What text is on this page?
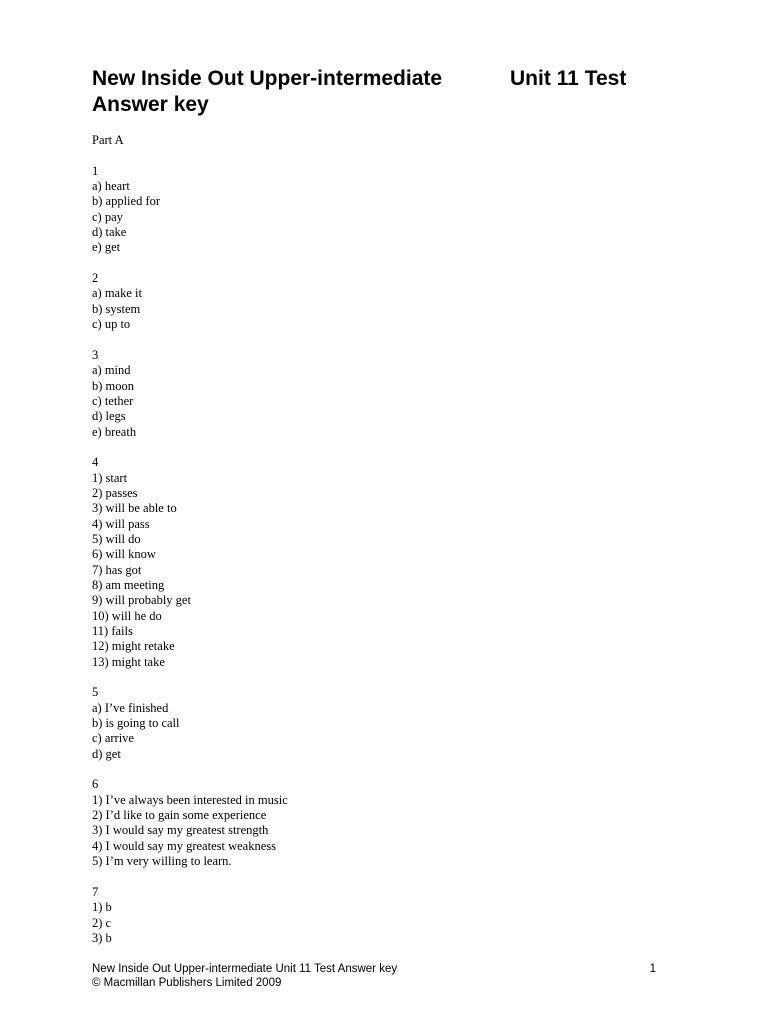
New Inside Out Upper-intermediate	Unit 11 Test
Answer key
Part A
1
a) heart
b) applied for
c) pay
d) take
e) get
2
a) make it
b) system
c) up to
3
a) mind
b) moon
c) tether
d) legs
e) breath
4
1) start
2) passes
3) will be able to
4) will pass
5) will do
6) will know
7) has got
8) am meeting
9) will probably get
10) will he do
11) fails
12) might retake
13) might take
5
a) I’ve finished
b) is going to call
c) arrive
d) get
6
1) I’ve always been interested in music
2) I’d like to gain some experience
3) I would say my greatest strength
4) I would say my greatest weakness
5) I’m very willing to learn.
7
1) b
2) c
3) b
New Inside Out Upper-intermediate Unit 11 Test Answer key
© Macmillan Publishers Limited 2009
1
